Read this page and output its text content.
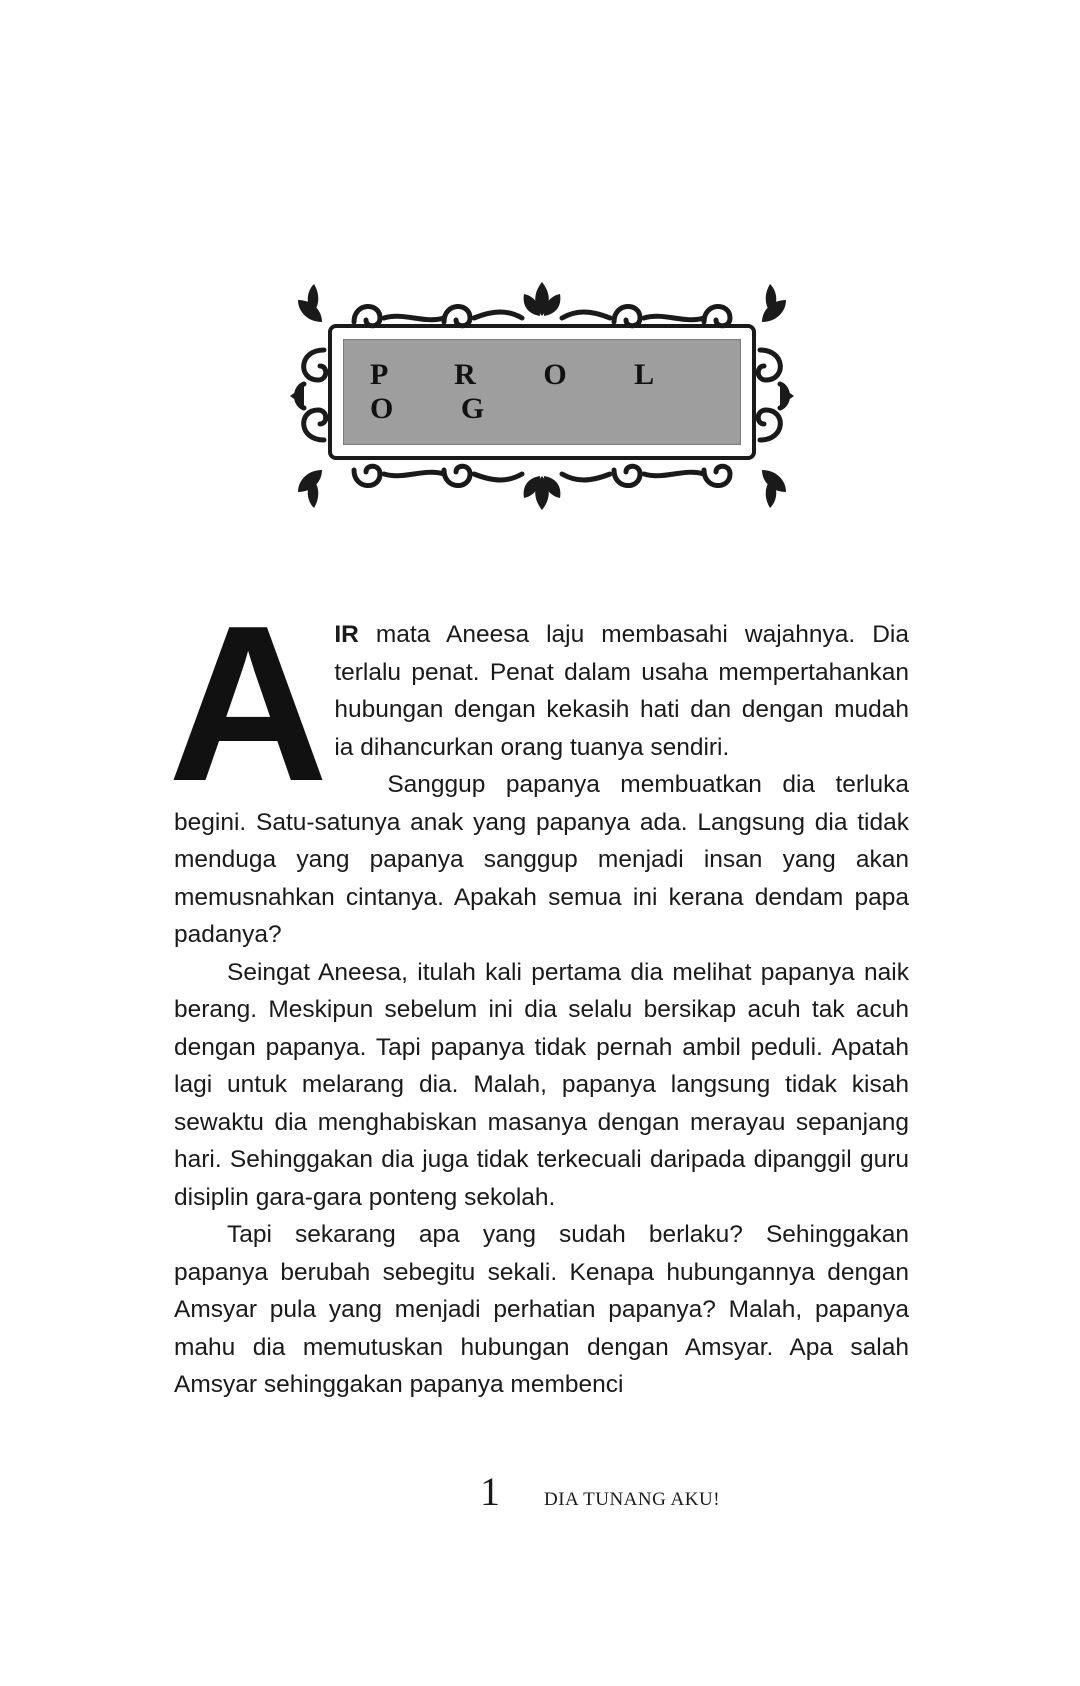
P R O L O G

AIR mata Aneesa laju membasahi wajahnya. Dia terlalu penat. Penat dalam usaha mempertahankan hubungan dengan kekasih hati dan dengan mudah ia dihancurkan orang tuanya sendiri.

Sanggup papanya membuatkan dia terluka begini. Satu-satunya anak yang papanya ada. Langsung dia tidak menduga yang papanya sanggup menjadi insan yang akan memusnahkan cintanya. Apakah semua ini kerana dendam papa padanya?

Seingat Aneesa, itulah kali pertama dia melihat papanya naik berang. Meskipun sebelum ini dia selalu bersikap acuh tak acuh dengan papanya. Tapi papanya tidak pernah ambil peduli. Apatah lagi untuk melarang dia. Malah, papanya langsung tidak kisah sewaktu dia menghabiskan masanya dengan merayau sepanjang hari. Sehinggakan dia juga tidak terkecuali daripada dipanggil guru disiplin gara-gara ponteng sekolah.

Tapi sekarang apa yang sudah berlaku? Sehinggakan papanya berubah sebegitu sekali. Kenapa hubungannya dengan Amsyar pula yang menjadi perhatian papanya? Malah, papanya mahu dia memutuskan hubungan dengan Amsyar. Apa salah Amsyar sehinggakan papanya membenci

1 DIA TUNANG AKU!
